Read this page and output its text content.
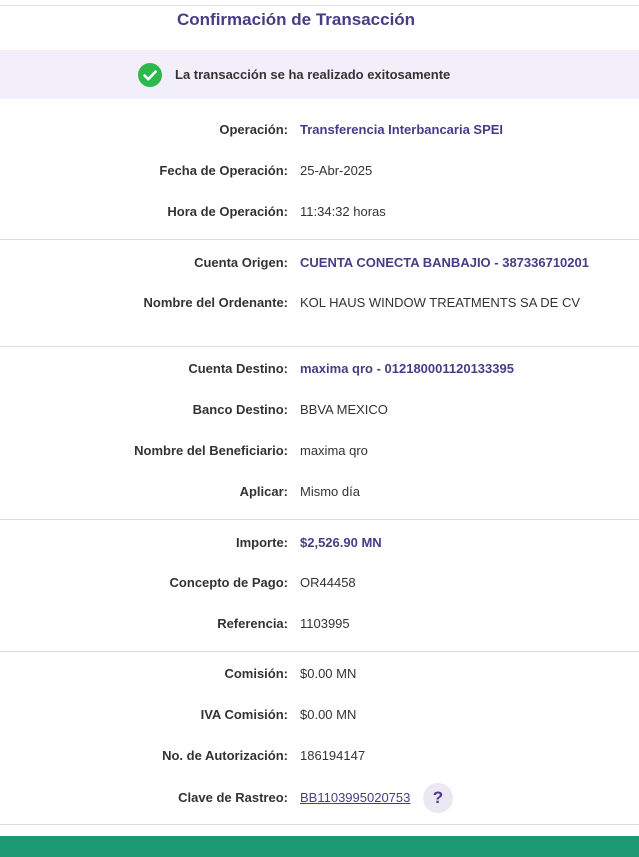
Confirmación de Transacción
La transacción se ha realizado exitosamente
Operación: Transferencia Interbancaria SPEI
Fecha de Operación: 25-Abr-2025
Hora de Operación: 11:34:32 horas
Cuenta Origen: CUENTA CONECTA BANBAJIO - 387336710201
Nombre del Ordenante: KOL HAUS WINDOW TREATMENTS SA DE CV
Cuenta Destino: maxima qro - 012180001120133395
Banco Destino: BBVA MEXICO
Nombre del Beneficiario: maxima qro
Aplicar: Mismo día
Importe: $2,526.90 MN
Concepto de Pago: OR44458
Referencia: 1103995
Comisión: $0.00 MN
IVA Comisión: $0.00 MN
No. de Autorización: 186194147
Clave de Rastreo: BB1103995020753	?
